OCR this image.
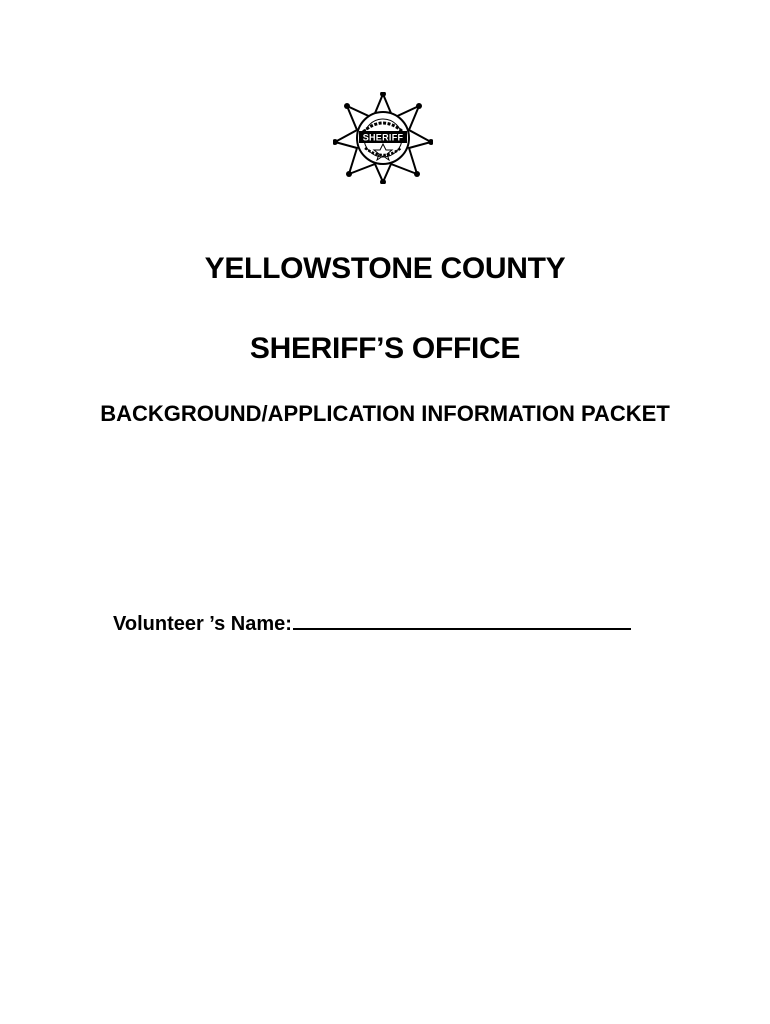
SHERIFF
YELLOWSTONE COUNTY
SHERIFF’S OFFICE
BACKGROUND/APPLICATION INFORMATION PACKET
Volunteer ’s Name:
